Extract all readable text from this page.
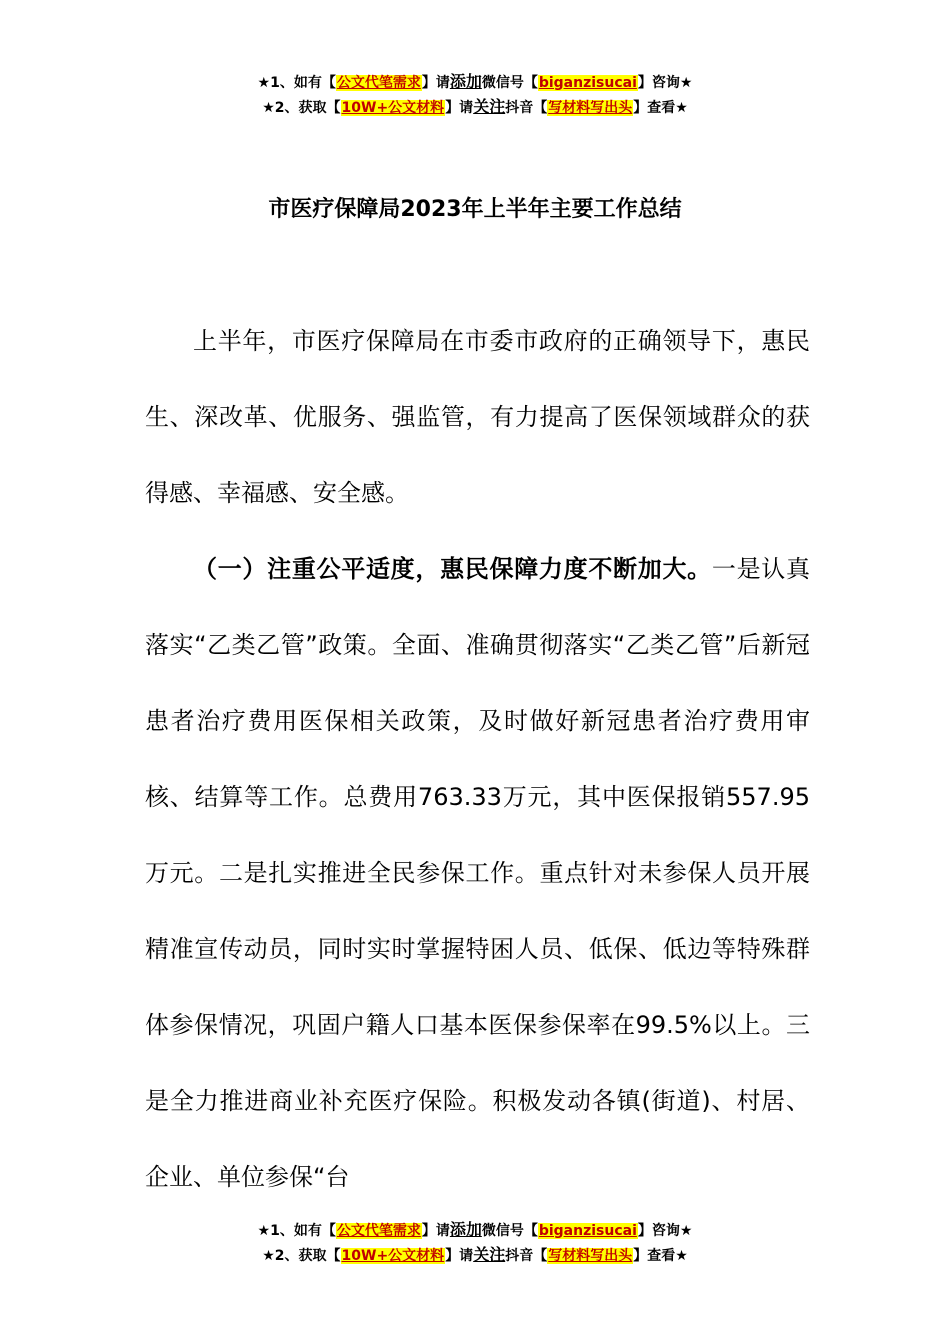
★1、如有【公文代笔需求】请添加微信号【biganzisucai】咨询★
★2、获取【10W+公文材料】请关注抖音【写材料写出头】查看★
市医疗保障局2023年上半年主要工作总结

上半年，市医疗保障局在市委市政府的正确领导下，惠民生、深改革、优服务、强监管，有力提高了医保领域群众的获得感、幸福感、安全感。

（一）注重公平适度，惠民保障力度不断加大。一是认真落实“乙类乙管”政策。全面、准确贯彻落实“乙类乙管”后新冠患者治疗费用医保相关政策，及时做好新冠患者治疗费用审核、结算等工作。总费用763.33万元，其中医保报销557.95万元。二是扎实推进全民参保工作。重点针对未参保人员开展精准宣传动员，同时实时掌握特困人员、低保、低边等特殊群体参保情况，巩固户籍人口基本医保参保率在99.5%以上。三是全力推进商业补充医疗保险。积极发动各镇(街道)、村居、企业、单位参保“台

★1、如有【公文代笔需求】请添加微信号【biganzisucai】咨询★
★2、获取【10W+公文材料】请关注抖音【写材料写出头】查看★
